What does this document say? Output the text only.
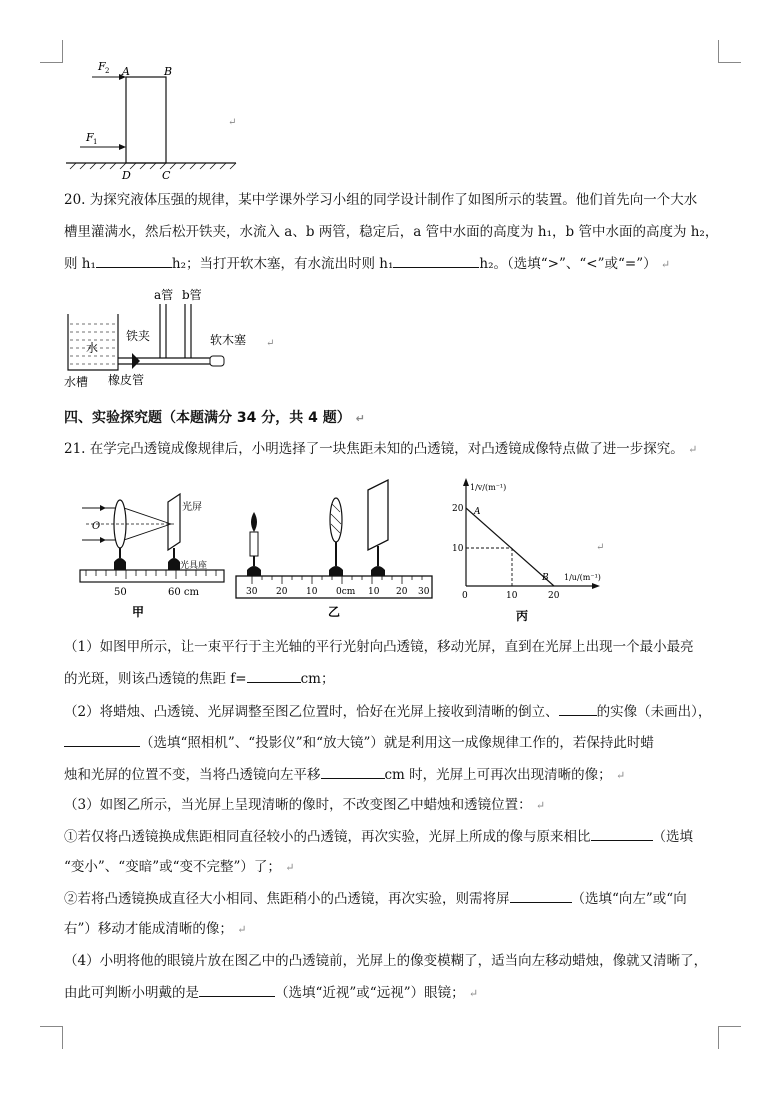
F 2
F 1
A	B
D	C
↵
20. 为探究液体压强的规律，某中学课外学习小组的同学设计制作了如图所示的装置。他们首先向一个大水
槽里灌满水，然后松开铁夹，水流入 a、b 两管，稳定后，a 管中水面的高度为 h₁，b 管中水面的高度为 h₂，
则 h₁	h₂；当打开软木塞，有水流出时则 h₁	h₂。（选填“>”、“<”或“=”） ↵
水
a管 b管
铁夹	软木塞
水槽 橡皮管
↵
四、实验探究题（本题满分 34 分，共 4 题） ↵
21. 在学完凸透镜成像规律后，小明选择了一块焦距未知的凸透镜，对凸透镜成像特点做了进一步探究。 ↵
O
光屏
光具座
50	60 cm
甲
30 20 10 0cm 10 20 30
乙
1/v/(m⁻¹)
1/u/(m⁻¹)
A
B
20
10
0	10	20
丙
↵
（1）如图甲所示，让一束平行于主光轴的平行光射向凸透镜，移动光屏，直到在光屏上出现一个最小最亮
的光斑，则该凸透镜的焦距 f=	cm；
（2）将蜡烛、凸透镜、光屏调整至图乙位置时，恰好在光屏上接收到清晰的倒立、	的实像（未画出），
（选填“照相机”、“投影仪”和“放大镜”）就是利用这一成像规律工作的，若保持此时蜡
烛和光屏的位置不变，当将凸透镜向左平移	cm 时，光屏上可再次出现清晰的像； ↵
（3）如图乙所示，当光屏上呈现清晰的像时，不改变图乙中蜡烛和透镜位置： ↵
①若仅将凸透镜换成焦距相同直径较小的凸透镜，再次实验，光屏上所成的像与原来相比	（选填
“变小”、“变暗”或“变不完整”）了； ↵
②若将凸透镜换成直径大小相同、焦距稍小的凸透镜，再次实验，则需将屏	（选填“向左”或“向
右”）移动才能成清晰的像； ↵
（4）小明将他的眼镜片放在图乙中的凸透镜前，光屏上的像变模糊了，适当向左移动蜡烛，像就又清晰了，
由此可判断小明戴的是	（选填“近视”或“远视”）眼镜； ↵
